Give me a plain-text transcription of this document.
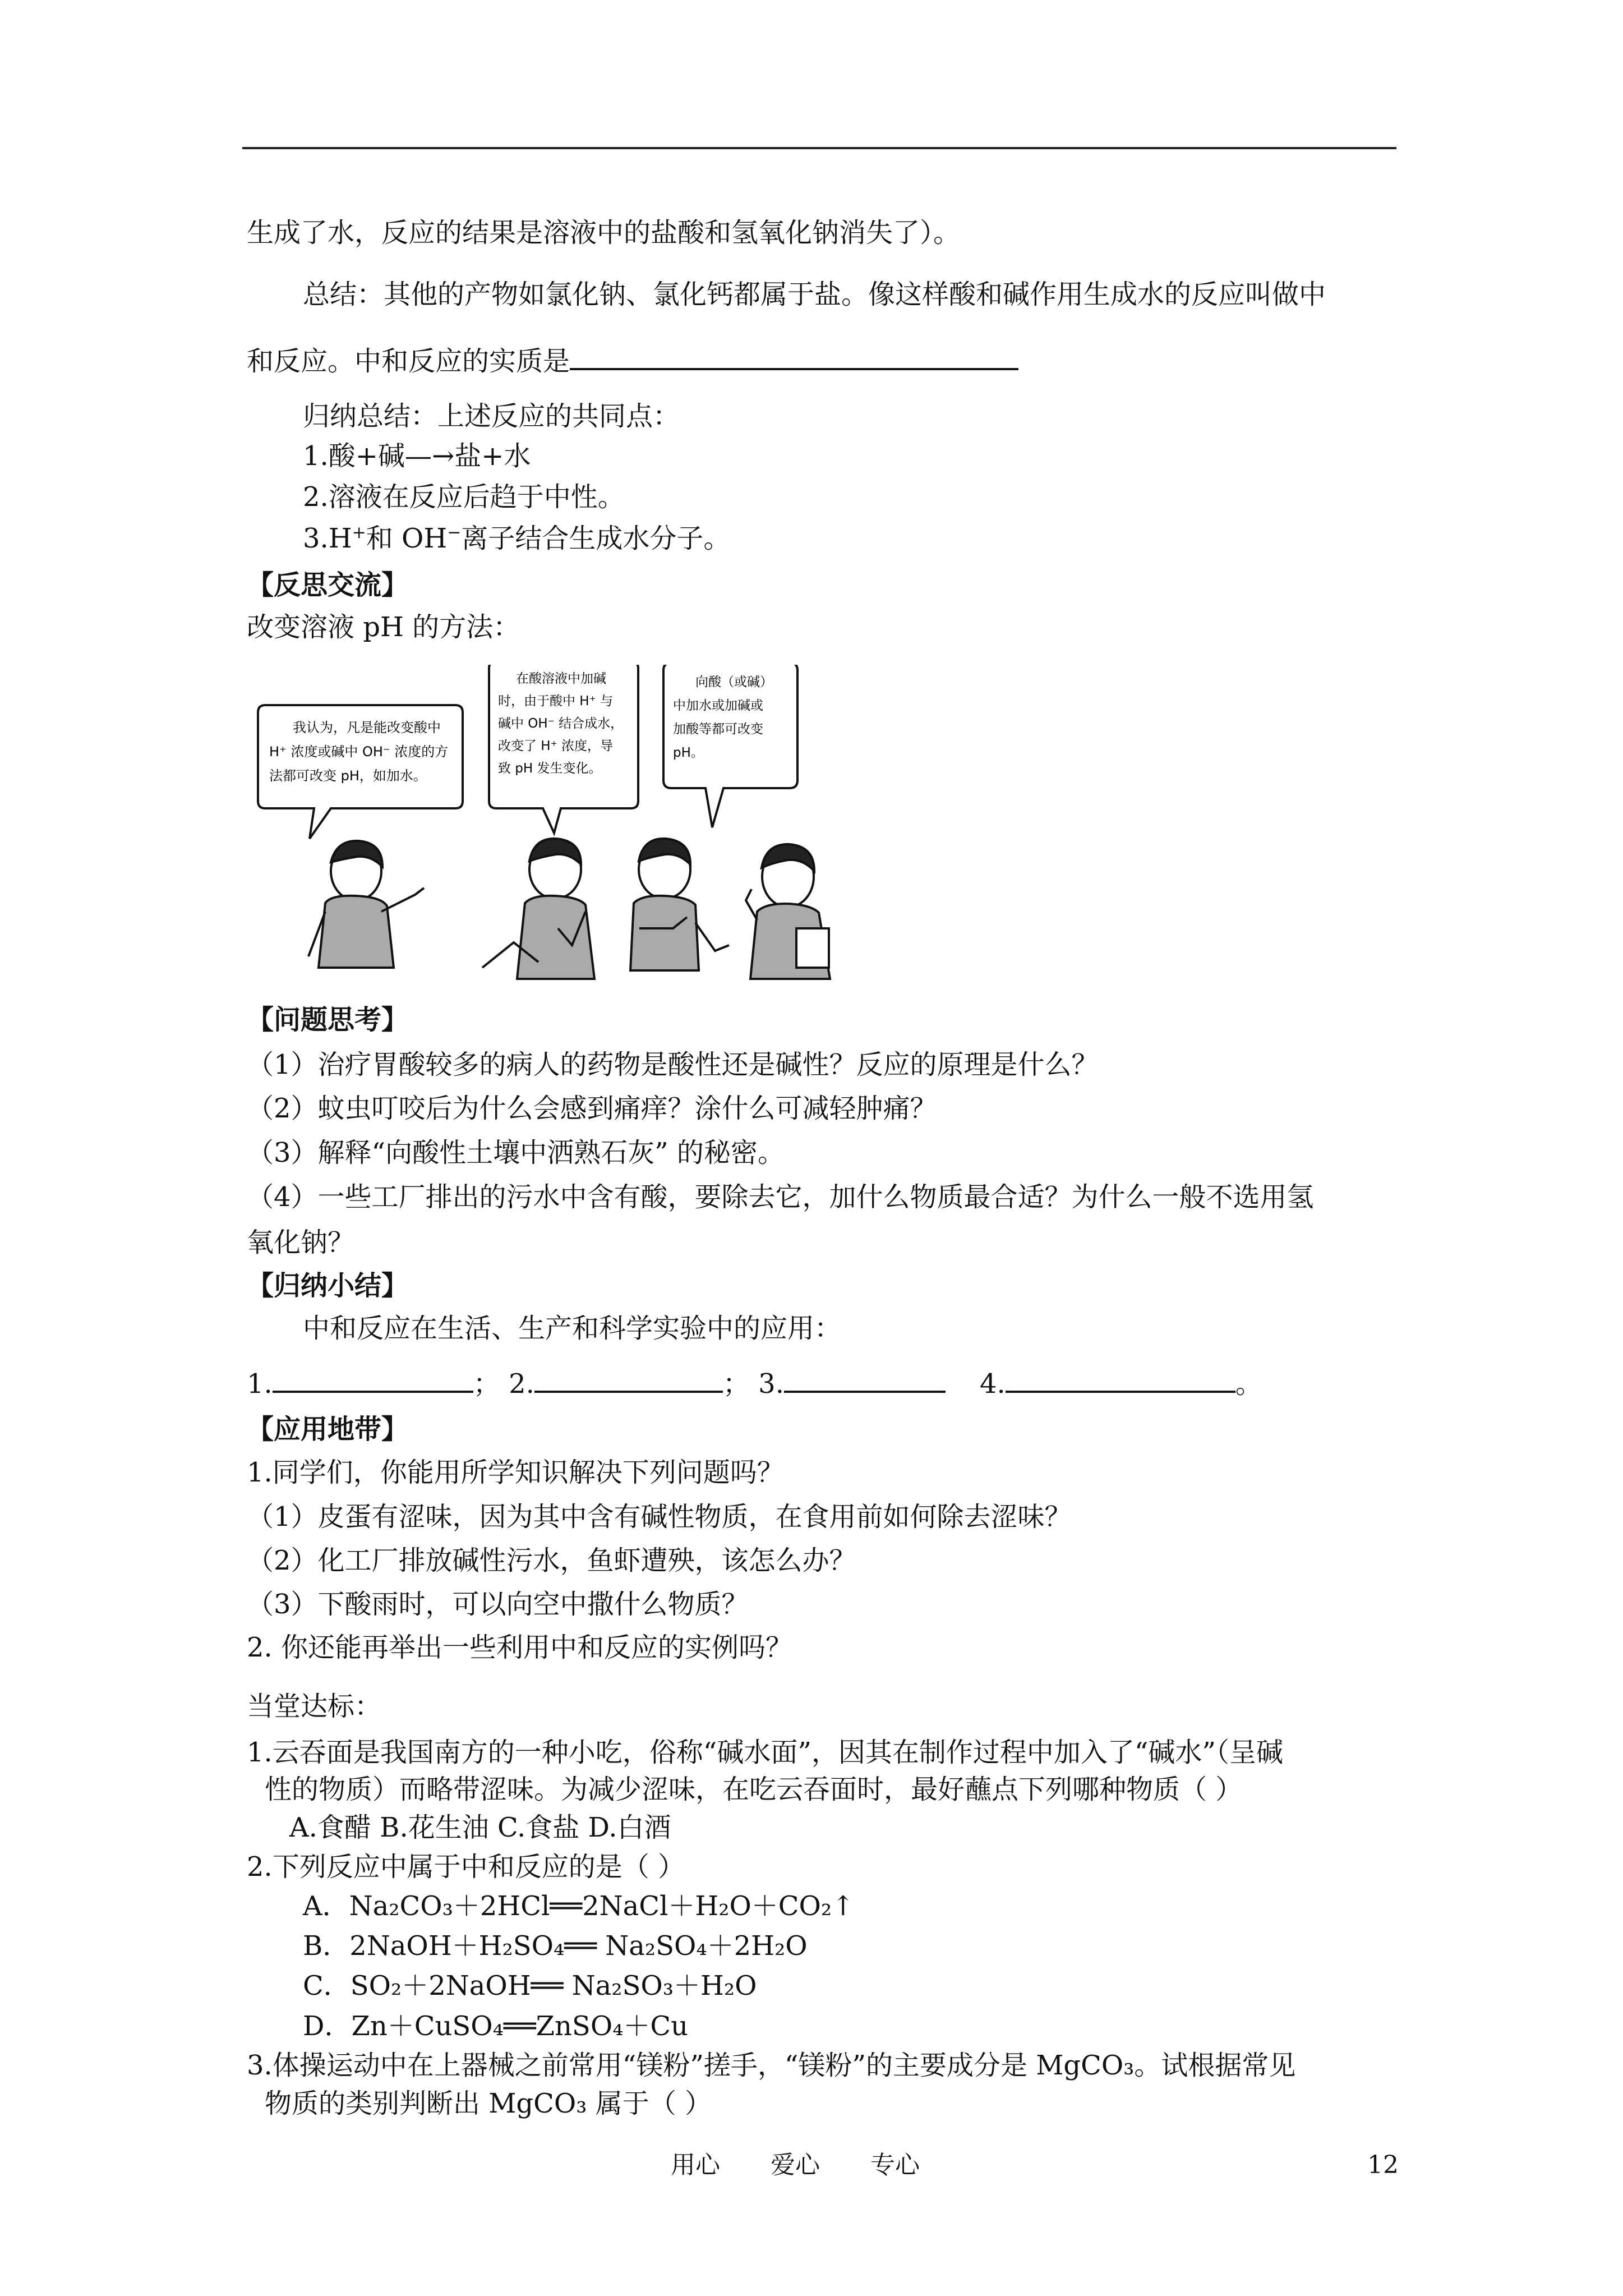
生成了水，反应的结果是溶液中的盐酸和氢氧化钠消失了）。
总结：其他的产物如氯化钠、氯化钙都属于盐。像这样酸和碱作用生成水的反应叫做中
和反应。中和反应的实质是
归纳总结：上述反应的共同点：
1.酸+碱—→盐+水
2.溶液在反应后趋于中性。
3.H+和 OH−离子结合生成水分子。
【反思交流】
改变溶液 pH 的方法：
我认为，凡是能改变酸中
H⁺ 浓度或碱中 OH⁻ 浓度的方
法都可改变 pH，如加水。
在酸溶液中加碱
时，由于酸中 H⁺ 与
碱中 OH⁻ 结合成水，
改变了 H⁺ 浓度，导
致 pH 发生变化。
向酸（或碱）
中加水或加碱或
加酸等都可改变
pH。
【问题思考】
（1）治疗胃酸较多的病人的药物是酸性还是碱性？反应的原理是什么？
（2）蚊虫叮咬后为什么会感到痛痒？涂什么可减轻肿痛？
（3）解释“向酸性土壤中洒熟石灰” 的秘密。
（4）一些工厂排出的污水中含有酸，要除去它，加什么物质最合适？为什么一般不选用氢
氧化钠？
【归纳小结】
中和反应在生活、生产和科学实验中的应用：
1.	； 2.	； 3.	4.	。
【应用地带】
1.同学们，你能用所学知识解决下列问题吗？
（1）皮蛋有涩味，因为其中含有碱性物质，在食用前如何除去涩味？
（2）化工厂排放碱性污水，鱼虾遭殃，该怎么办？
（3）下酸雨时，可以向空中撒什么物质？
2. 你还能再举出一些利用中和反应的实例吗？
当堂达标：
1.云吞面是我国南方的一种小吃，俗称“碱水面”，因其在制作过程中加入了“碱水”（呈碱
性的物质）而略带涩味。为减少涩味，在吃云吞面时，最好蘸点下列哪种物质（ ）
A.食醋 B.花生油 C.食盐 D.白酒
2.下列反应中属于中和反应的是（ ）
A．Na₂CO₃＋2HCl══2NaCl＋H₂O＋CO₂↑
B．2NaOH＋H₂SO₄══ Na₂SO₄＋2H₂O
C．SO₂＋2NaOH══ Na₂SO₃＋H₂O
D．Zn＋CuSO₄══ZnSO₄＋Cu
3.体操运动中在上器械之前常用“镁粉”搓手，“镁粉”的主要成分是 MgCO₃。试根据常见
物质的类别判断出 MgCO₃ 属于（ ）
用心 爱心 专心	12
